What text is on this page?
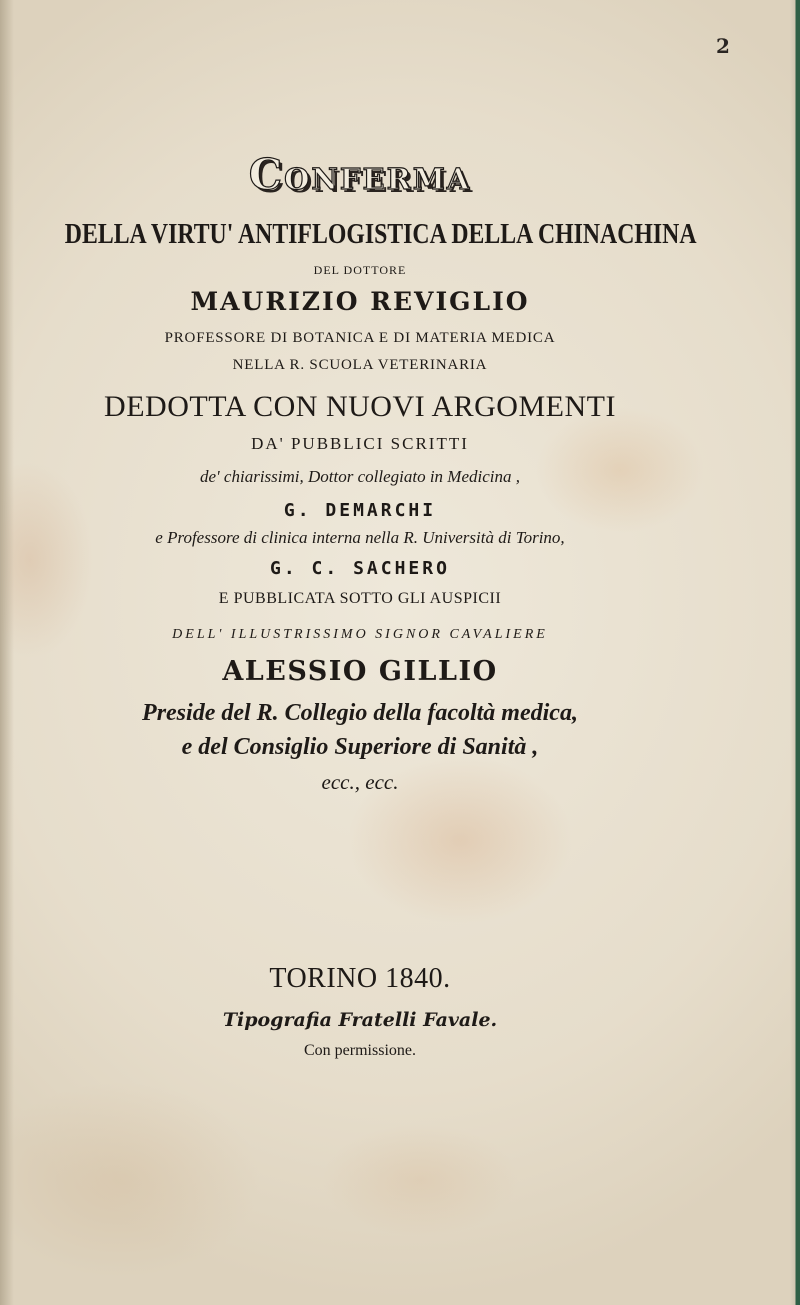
2
Conferma
DELLA VIRTU' ANTIFLOGISTICA DELLA CHINACHINA
DEL DOTTORE
MAURIZIO REVIGLIO
PROFESSORE DI BOTANICA E DI MATERIA MEDICA
NELLA R. SCUOLA VETERINARIA
DEDOTTA CON NUOVI ARGOMENTI
DA' PUBBLICI SCRITTI
de' chiarissimi, Dottor collegiato in Medicina ,
G. DEMARCHI
e Professore di clinica interna nella R. Università di Torino,
G. C. SACHERO
E PUBBLICATA SOTTO GLI AUSPICII
DELL' ILLUSTRISSIMO SIGNOR CAVALIERE
ALESSIO GILLIO
Preside del R. Collegio della facoltà medica,
e del Consiglio Superiore di Sanità ,
ecc., ecc.
TORINO 1840.
Tipografia Fratelli Favale.
Con permissione.
